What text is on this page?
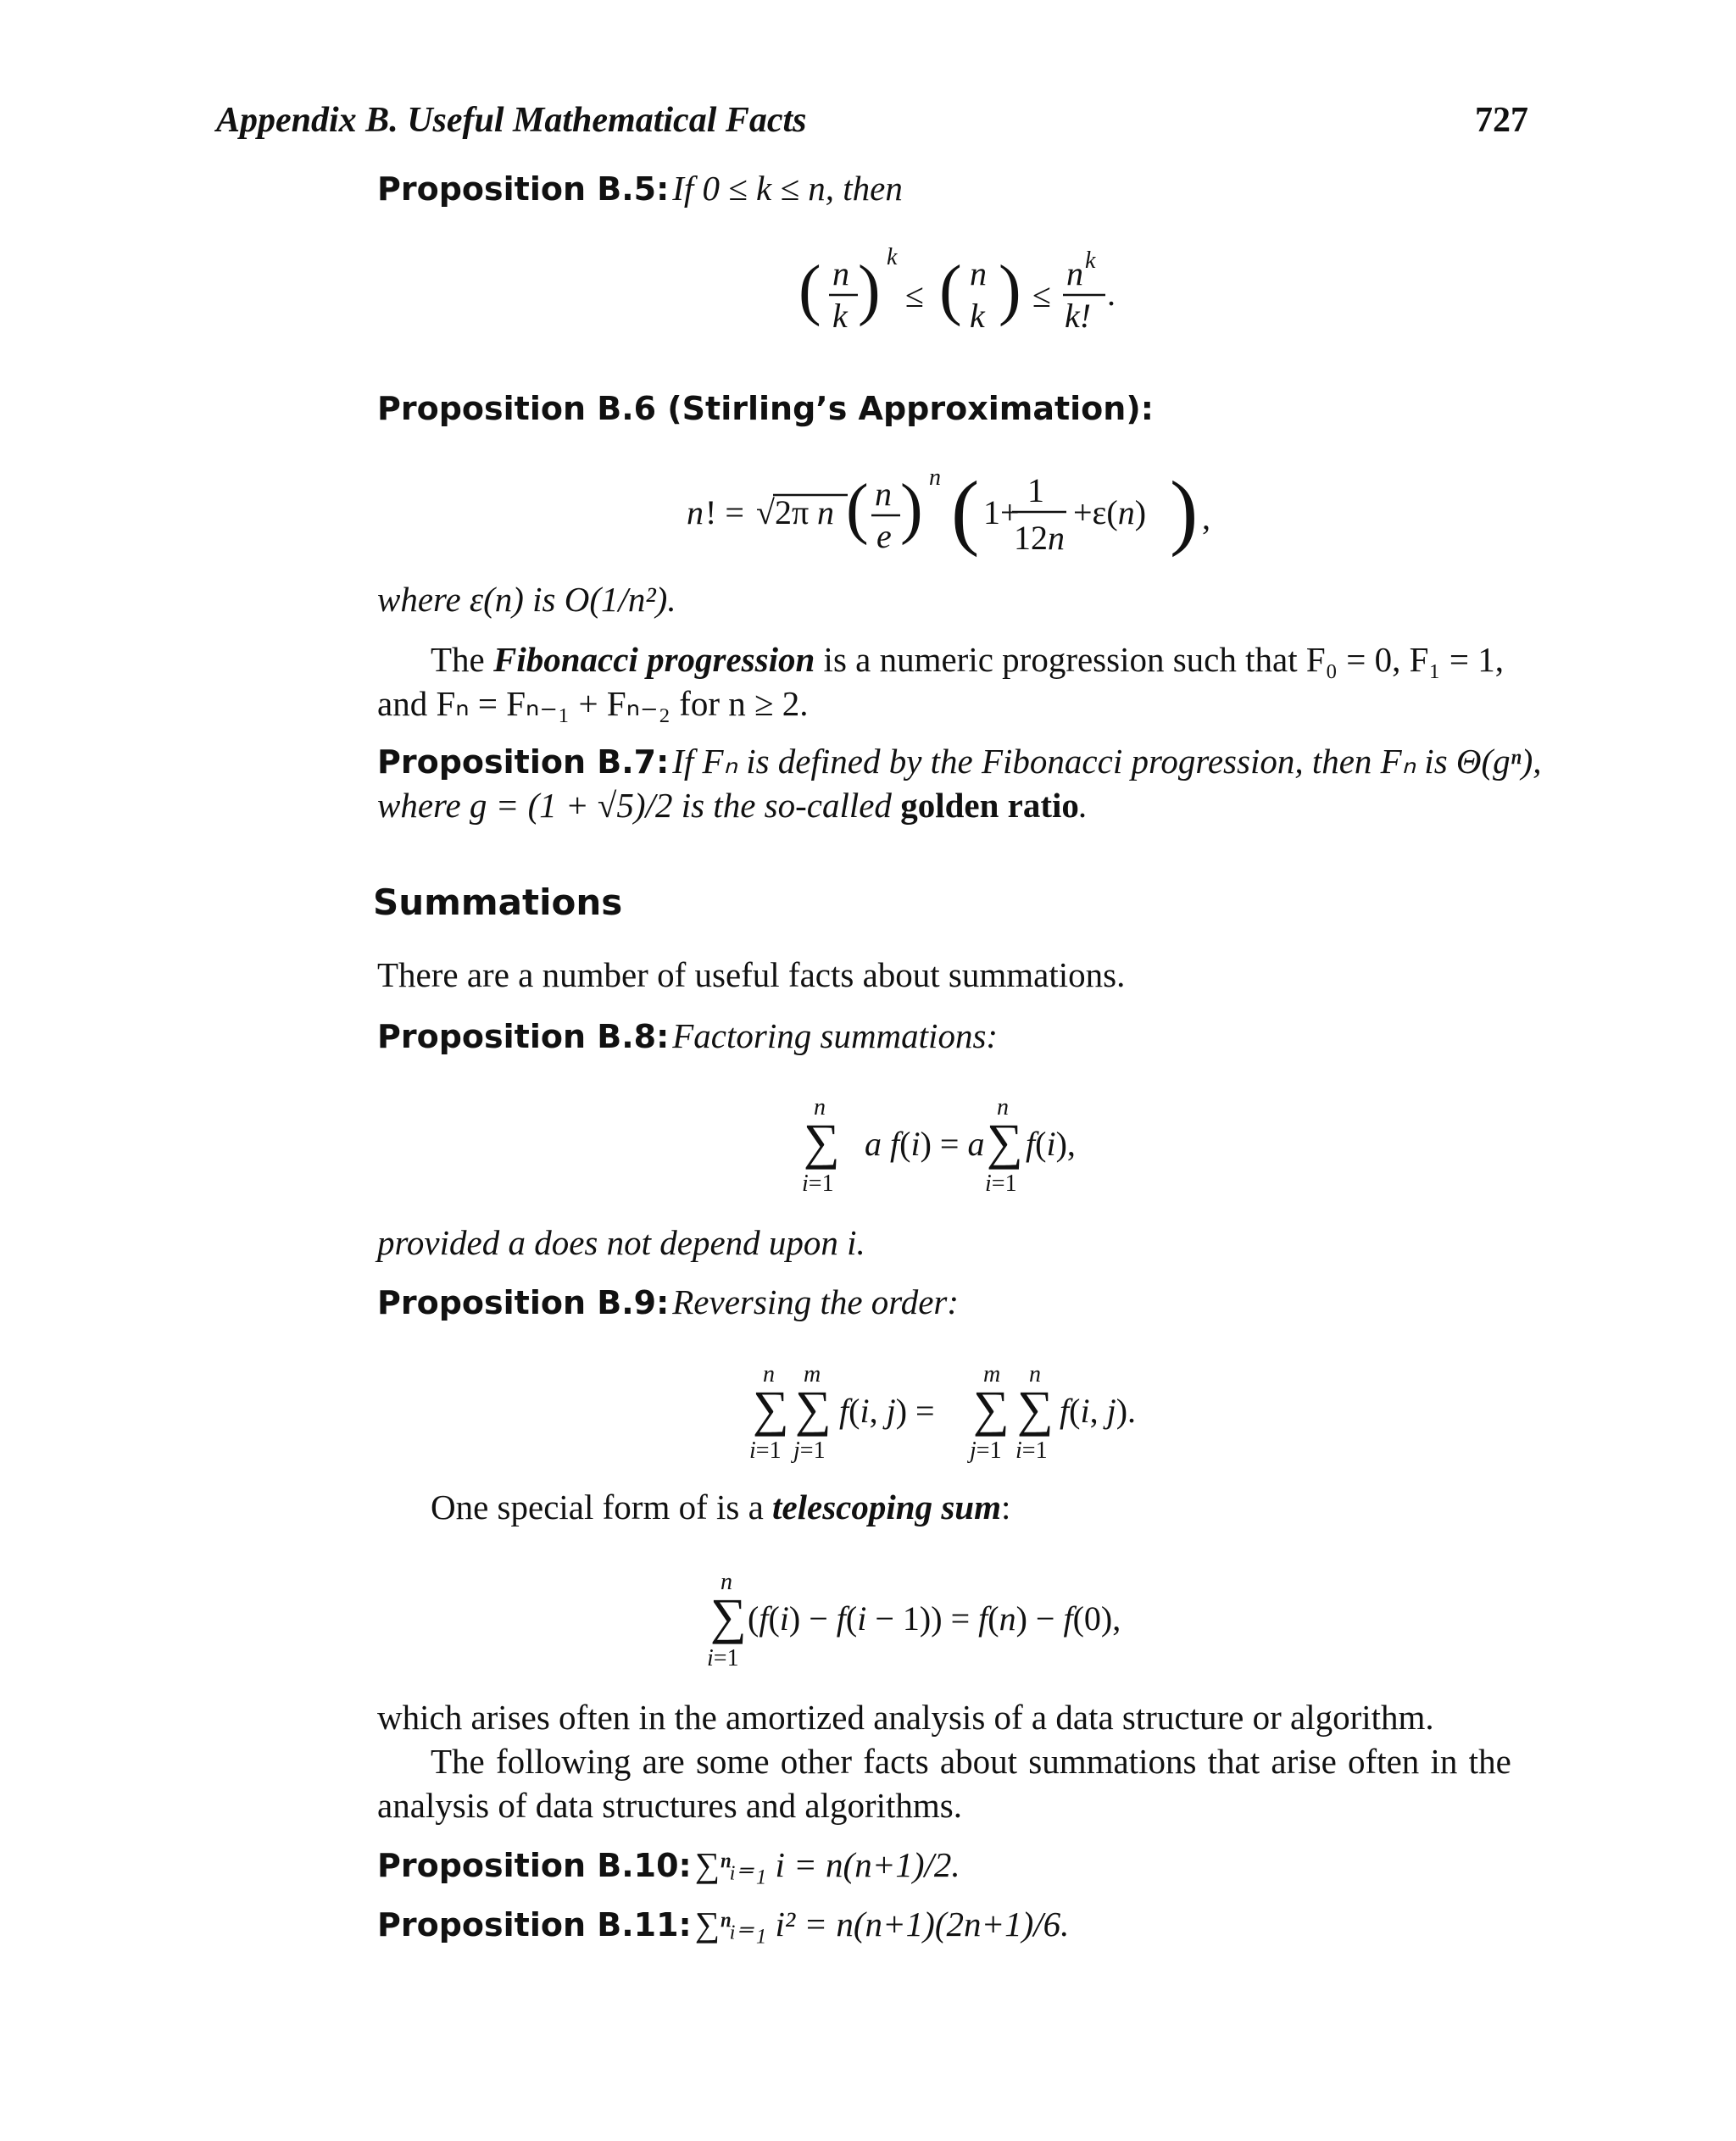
Appendix B. Useful Mathematical Facts	727
Proposition B.5: If 0 ≤ k ≤ n, then
( n
k ) k
≤ ( n
k ) ≤
n k
k!
.
Proposition B.6 (Stirling’s Approximation):
n ! = √ 2π n ( n
e ) n ( 1+
1
12n
+ε(n) ) ,
where ε(n) is O(1/n²).
The Fibonacci progression is a numeric progression such that F₀ = 0, F₁ = 1,
and Fₙ = Fₙ₋₁ + Fₙ₋₂ for n ≥ 2.
Proposition B.7: If Fₙ is defined by the Fibonacci progression, then Fₙ is Θ(gⁿ),
where g = (1 + √5)/2 is the so-called golden ratio.
Summations
There are a number of useful facts about summations.
Proposition B.8: Factoring summations:
n
∑
i=1
a f(i) = a
n
∑
i=1
f(i),
provided a does not depend upon i.
Proposition B.9: Reversing the order:
n
∑
i=1
m
∑
j=1
f(i, j) =
m
∑
j=1
n
∑
i=1
f(i, j).
One special form of is a telescoping sum:
n
∑
i=1
(f(i) − f(i − 1)) = f(n) − f(0),
which arises often in the amortized analysis of a data structure or algorithm.
The following are some other facts about summations that arise often in the
analysis of data structures and algorithms.
Proposition B.10: ∑ⁿᵢ₌₁ i = n(n+1)/2.
Proposition B.11: ∑ⁿᵢ₌₁ i² = n(n+1)(2n+1)/6.
